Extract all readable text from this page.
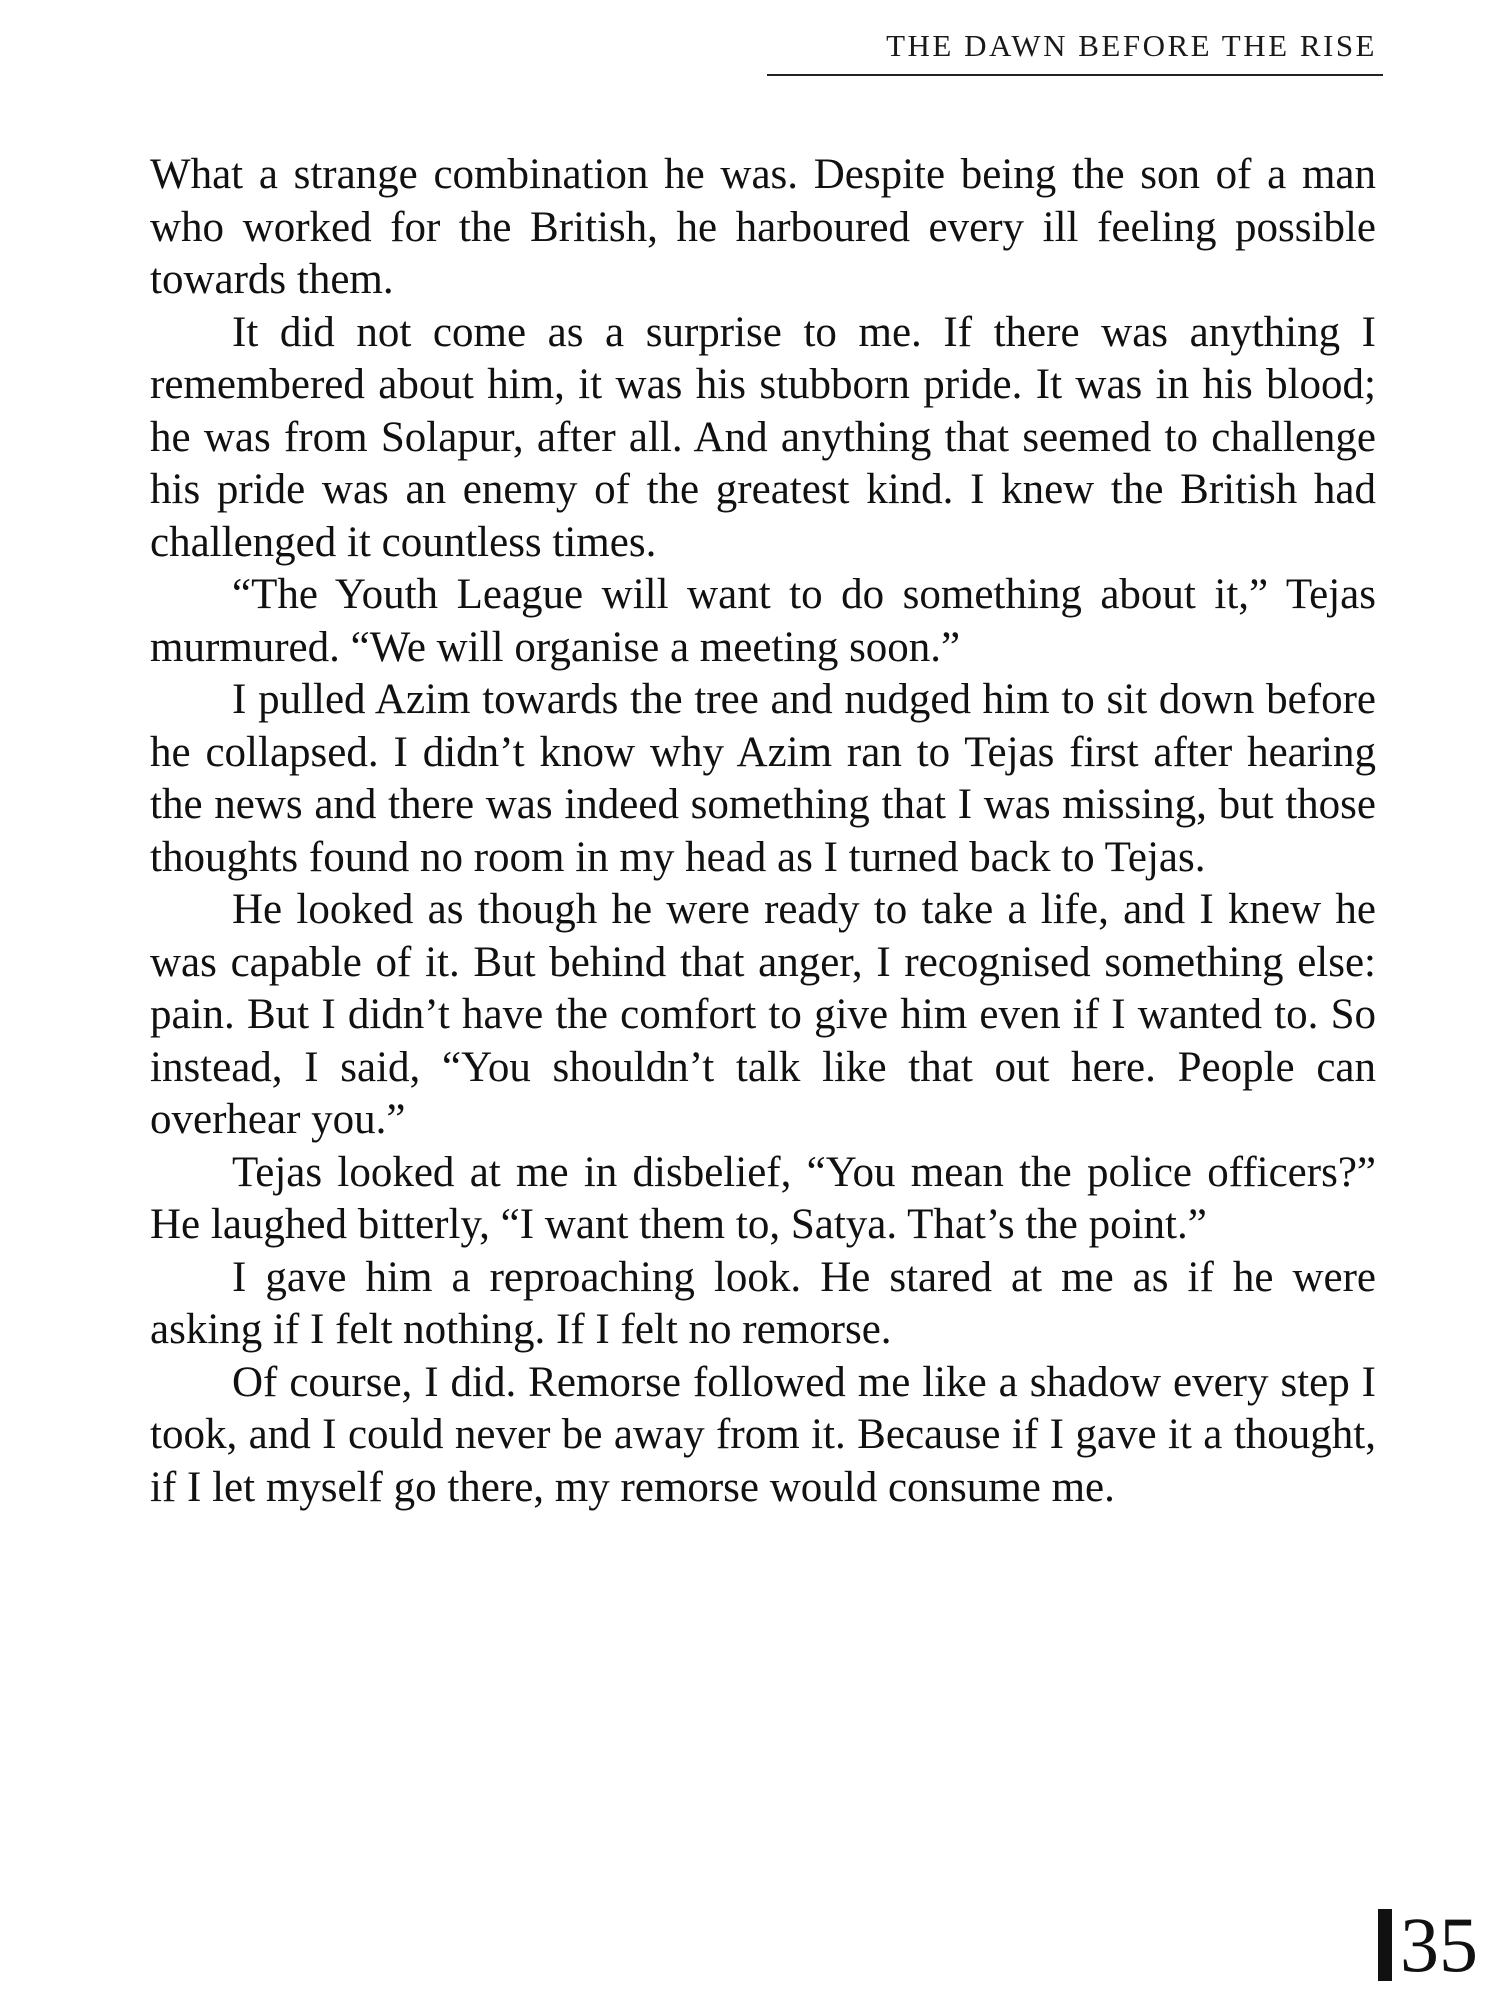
THE DAWN BEFORE THE RISE

What a strange combination he was. Despite being the son of a man who worked for the British, he harboured every ill feeling possible towards them.

It did not come as a surprise to me. If there was anything I remembered about him, it was his stubborn pride. It was in his blood; he was from Solapur, after all. And anything that seemed to challenge his pride was an enemy of the greatest kind. I knew the British had challenged it countless times.

“The Youth League will want to do something about it,” Tejas murmured. “We will organise a meeting soon.”

I pulled Azim towards the tree and nudged him to sit down before he collapsed. I didn’t know why Azim ran to Tejas first after hearing the news and there was indeed something that I was missing, but those thoughts found no room in my head as I turned back to Tejas.

He looked as though he were ready to take a life, and I knew he was capable of it. But behind that anger, I recognised something else: pain. But I didn’t have the comfort to give him even if I wanted to. So instead, I said, “You shouldn’t talk like that out here. People can overhear you.”

Tejas looked at me in disbelief, “You mean the police officers?” He laughed bitterly, “I want them to, Satya. That’s the point.”

I gave him a reproaching look. He stared at me as if he were asking if I felt nothing. If I felt no remorse.

Of course, I did. Remorse followed me like a shadow every step I took, and I could never be away from it. Because if I gave it a thought, if I let myself go there, my remorse would consume me.

35
